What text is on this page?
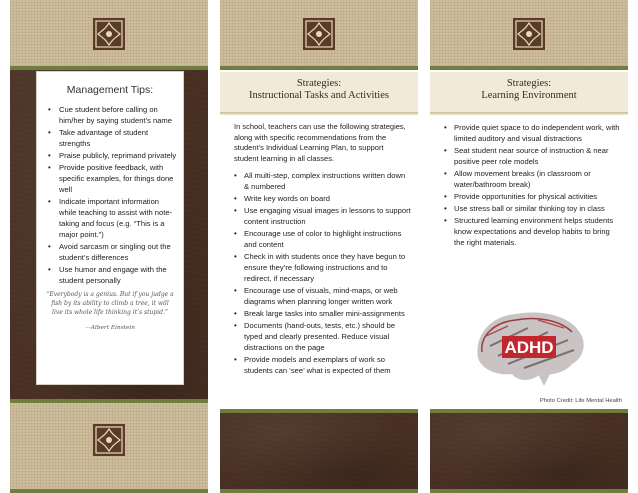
Management Tips:
• Cue student before calling on him/her by saying student’s name
• Take advantage of student strengths
• Praise publicly, reprimand privately
• Provide positive feedback, with specific examples, for things done well
• Indicate important information while teaching to assist with note-taking and focus (e.g. “This is a major point.”)
• Avoid sarcasm or singling out the student’s differences
• Use humor and engage with the student personally
“Everybody is a genius. But if you judge a fish by its ability to climb a tree, it will live its whole life thinking it’s stupid.”
—Albert Einstein
Strategies:
Instructional Tasks and Activities
In school, teachers can use the following strategies, along with specific recommendations from the student’s Individual Learning Plan, to support student learning in all classes.
• All multi-step, complex instructions written down & numbered
• Write key words on board
• Use engaging visual images in lessons to support content instruction
• Encourage use of color to highlight instructions and content
• Check in with students once they have begun to ensure they’re following instructions and to redirect, if necessary
• Encourage use of visuals, mind-maps, or web diagrams when planning longer written work
• Break large tasks into smaller mini-assignments
• Documents (hand-outs, tests, etc.) should be typed and clearly presented. Reduce visual distractions on the page
• Provide models and exemplars of work so students can ‘see’ what is expected of them
Strategies:
Learning Environment
• Provide quiet space to do independent work, with limited auditory and visual distractions
• Seat student near source of instruction & near positive peer role models
• Allow movement breaks (in classroom or water/bathroom break)
• Provide opportunities for physical activities
• Use stress ball or similar thinking toy in class
• Structured learning environment helps students know expectations and develop habits to bring the right materials.
ADHD
Photo Credit: Life Mental Health
